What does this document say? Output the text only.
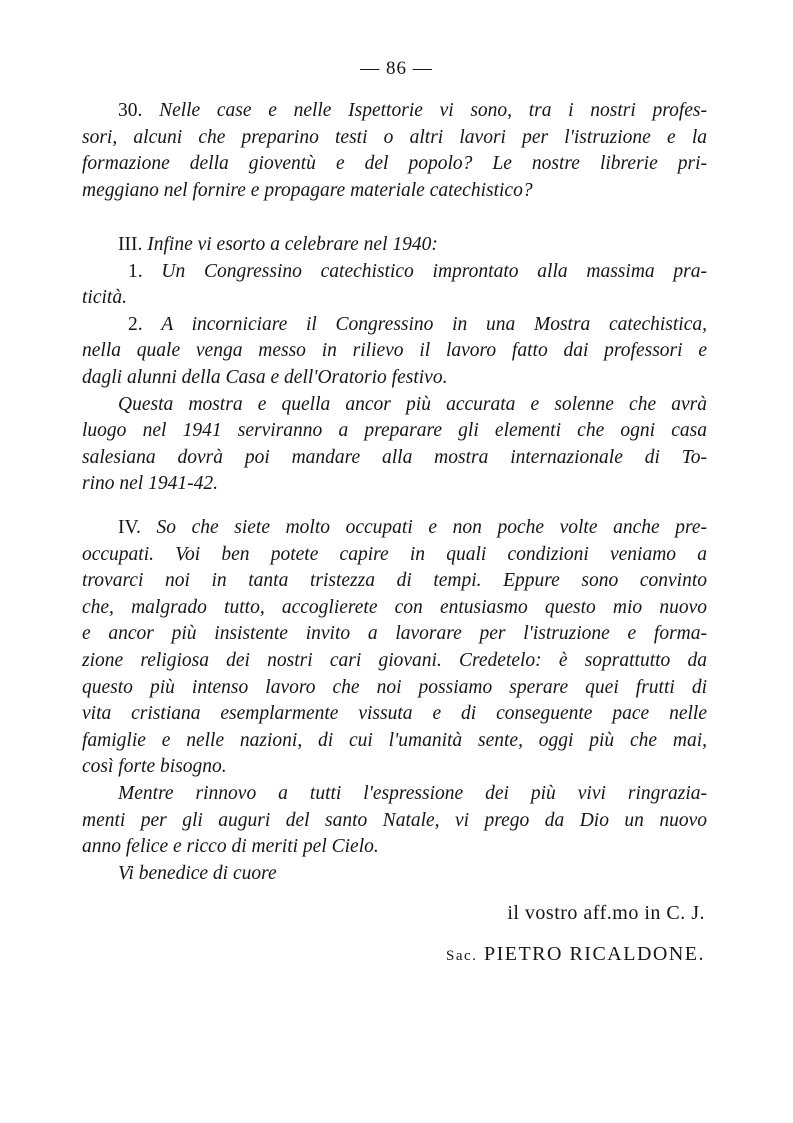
— 86 —
30. Nelle case e nelle Ispettorie vi sono, tra i nostri profes-
sori, alcuni che preparino testi o altri lavori per l'istruzione e la
formazione della gioventù e del popolo? Le nostre librerie pri-
meggiano nel fornire e propagare materiale catechistico?
III. Infine vi esorto a celebrare nel 1940:
1. Un Congressino catechistico improntato alla massima pra-
ticità.
2. A incorniciare il Congressino in una Mostra catechistica,
nella quale venga messo in rilievo il lavoro fatto dai professori e
dagli alunni della Casa e dell'Oratorio festivo.
Questa mostra e quella ancor più accurata e solenne che avrà
luogo nel 1941 serviranno a preparare gli elementi che ogni casa
salesiana dovrà poi mandare alla mostra internazionale di To-
rino nel 1941-42.
IV. So che siete molto occupati e non poche volte anche pre-
occupati. Voi ben potete capire in quali condizioni veniamo a
trovarci noi in tanta tristezza di tempi. Eppure sono convinto
che, malgrado tutto, accoglierete con entusiasmo questo mio nuovo
e ancor più insistente invito a lavorare per l'istruzione e forma-
zione religiosa dei nostri cari giovani. Credetelo: è soprattutto da
questo più intenso lavoro che noi possiamo sperare quei frutti di
vita cristiana esemplarmente vissuta e di conseguente pace nelle
famiglie e nelle nazioni, di cui l'umanità sente, oggi più che mai,
così forte bisogno.
Mentre rinnovo a tutti l'espressione dei più vivi ringrazia-
menti per gli auguri del santo Natale, vi prego da Dio un nuovo
anno felice e ricco di meriti pel Cielo.
Vi benedice di cuore
il vostro aff.mo in C. J.
Sac. PIETRO RICALDONE.
